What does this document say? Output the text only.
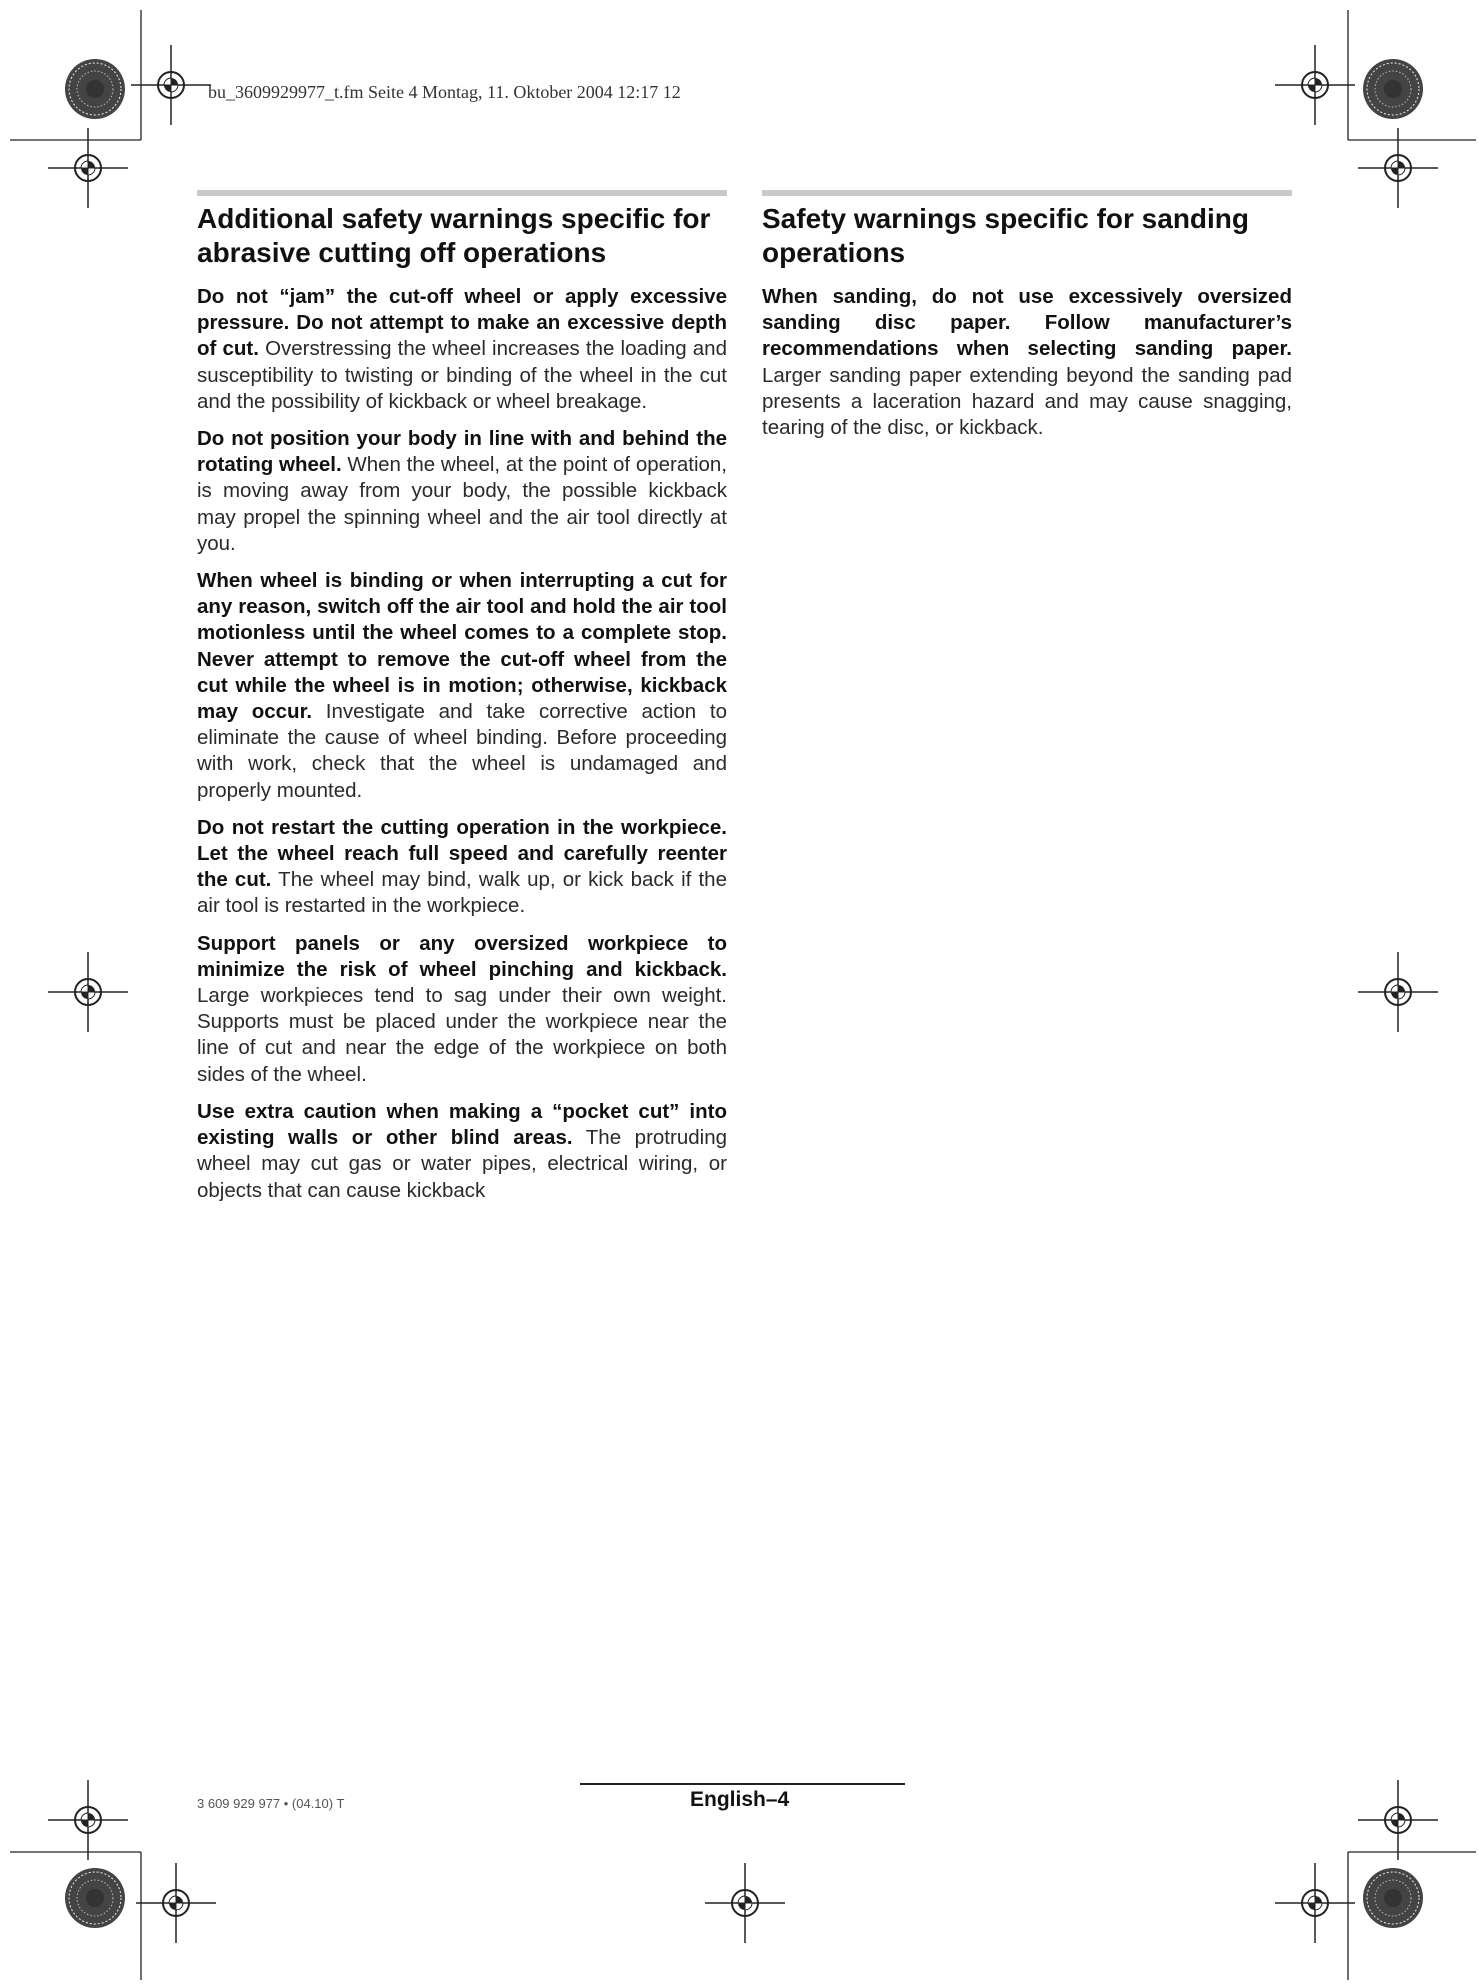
bu_3609929977_t.fm Seite 4 Montag, 11. Oktober 2004 12:17 12
Additional safety warnings specific for abrasive cutting off operations

Do not “jam” the cut-off wheel or apply excessive pressure. Do not attempt to make an excessive depth of cut. Overstressing the wheel increases the loading and susceptibility to twisting or binding of the wheel in the cut and the possibility of kickback or wheel breakage.

Do not position your body in line with and behind the rotating wheel. When the wheel, at the point of operation, is moving away from your body, the possible kickback may propel the spinning wheel and the air tool directly at you.

When wheel is binding or when interrupting a cut for any reason, switch off the air tool and hold the air tool motionless until the wheel comes to a complete stop. Never attempt to remove the cut-off wheel from the cut while the wheel is in motion; otherwise, kickback may occur. Investigate and take corrective action to eliminate the cause of wheel binding. Before proceeding with work, check that the wheel is undamaged and properly mounted.

Do not restart the cutting operation in the workpiece. Let the wheel reach full speed and carefully reenter the cut. The wheel may bind, walk up, or kick back if the air tool is restarted in the workpiece.

Support panels or any oversized workpiece to minimize the risk of wheel pinching and kickback. Large workpieces tend to sag under their own weight. Supports must be placed under the workpiece near the line of cut and near the edge of the workpiece on both sides of the wheel.

Use extra caution when making a “pocket cut” into existing walls or other blind areas. The protruding wheel may cut gas or water pipes, electrical wiring, or objects that can cause kickback

Safety warnings specific for sanding operations

When sanding, do not use excessively oversized sanding disc paper. Follow manufacturer’s recommendations when selecting sanding paper. Larger sanding paper extending beyond the sanding pad presents a laceration hazard and may cause snagging, tearing of the disc, or kickback.

3 609 929 977 • (04.10) T	English–4
